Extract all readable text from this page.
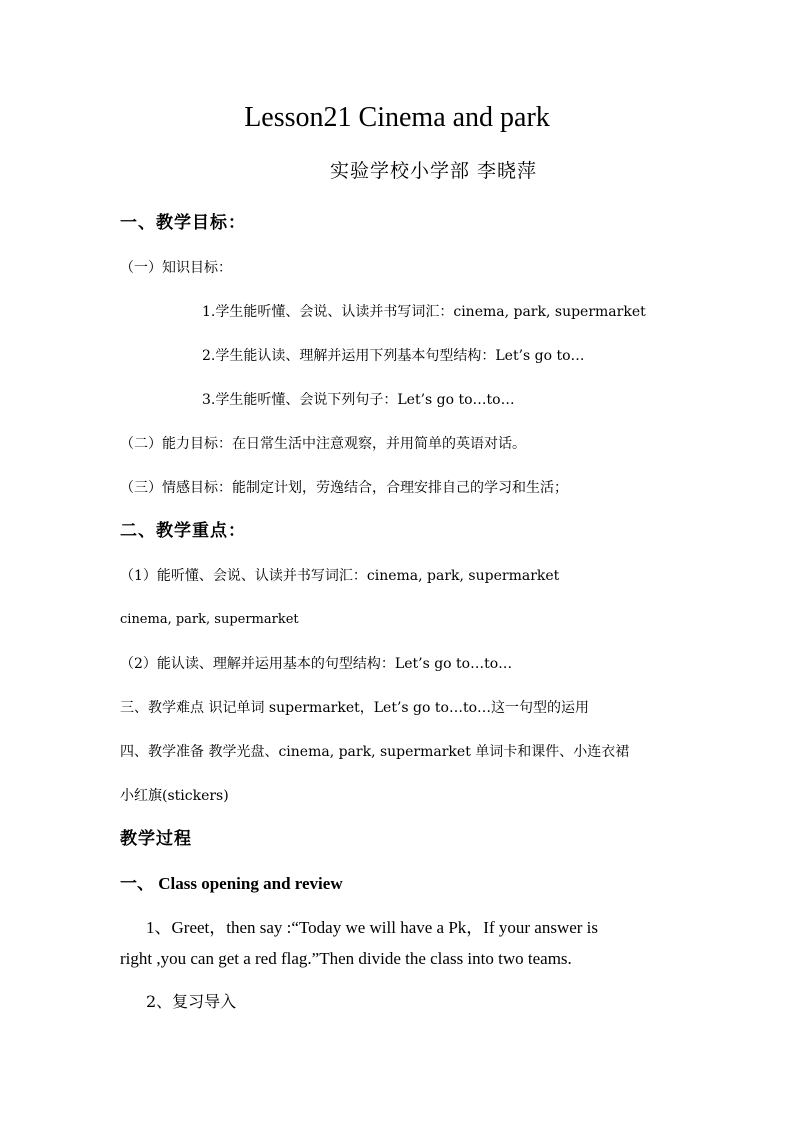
Lesson21 Cinema and park
实验学校小学部 李晓萍
一、教学目标：
（一）知识目标：
1.学生能听懂、会说、认读并书写词汇：cinema, park, supermarket
2.学生能认读、理解并运用下列基本句型结构：Let’s go to…
3.学生能听懂、会说下列句子：Let’s go to…to…
（二）能力目标：在日常生活中注意观察，并用简单的英语对话。
（三）情感目标：能制定计划，劳逸结合，合理安排自己的学习和生活；
二、教学重点：
（1）能听懂、会说、认读并书写词汇：cinema, park, supermarket
cinema, park, supermarket
（2）能认读、理解并运用基本的句型结构：Let’s go to…to…
三、教学难点 识记单词 supermarket，Let’s go to…to…这一句型的运用
四、教学准备 教学光盘、cinema, park, supermarket 单词卡和课件、小连衣裙
小红旗(stickers)
教学过程
一、 Class opening and review
1、Greet，then say :“Today we will have a Pk，If your answer is
right ,you can get a red flag.”Then divide the class into two teams.
2、复习导入
